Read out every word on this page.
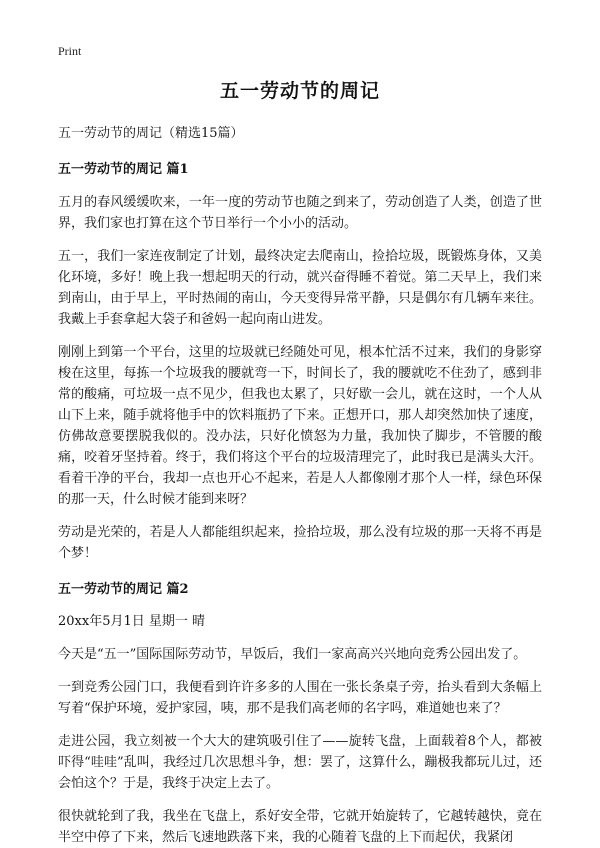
Print
五一劳动节的周记

五一劳动节的周记（精选15篇）

五一劳动节的周记 篇1

五月的春风缓缓吹来，一年一度的劳动节也随之到来了，劳动创造了人类，创造了世界，我们家也打算在这个节日举行一个小小的活动。

五一，我们一家连夜制定了计划，最终决定去爬南山，捡拾垃圾，既锻炼身体，又美化环境，多好！晚上我一想起明天的行动，就兴奋得睡不着觉。第二天早上，我们来到南山，由于早上，平时热闹的南山，今天变得异常平静，只是偶尔有几辆车来往。我戴上手套拿起大袋子和爸妈一起向南山进发。

刚刚上到第一个平台，这里的垃圾就已经随处可见，根本忙活不过来，我们的身影穿梭在这里，每拣一个垃圾我的腰就弯一下，时间长了，我的腰就吃不住劲了，感到非常的酸痛，可垃圾一点不见少，但我也太累了，只好歇一会儿，就在这时，一个人从山下上来，随手就将他手中的饮料瓶扔了下来。正想开口，那人却突然加快了速度，仿佛故意要摆脱我似的。没办法，只好化愤怒为力量，我加快了脚步，不管腰的酸痛，咬着牙坚持着。终于，我们将这个平台的垃圾清理完了，此时我已是满头大汗。看着干净的平台，我却一点也开心不起来，若是人人都像刚才那个人一样，绿色环保的那一天，什么时候才能到来呀？

劳动是光荣的，若是人人都能组织起来，捡拾垃圾，那么没有垃圾的那一天将不再是个梦！

五一劳动节的周记 篇2

20xx年5月1日 星期一 晴

今天是“五一”国际国际劳动节，早饭后，我们一家高高兴兴地向竞秀公园出发了。

一到竞秀公园门口，我便看到许许多多的人围在一张长条桌子旁，抬头看到大条幅上写着“保护环境，爱护家园，咦，那不是我们高老师的名字吗，难道她也来了？

走进公园，我立刻被一个大大的建筑吸引住了——旋转飞盘，上面载着8个人，都被吓得“哇哇”乱叫，我经过几次思想斗争，想：罢了，这算什么，蹦极我都玩儿过，还会怕这个？于是，我终于决定上去了。

很快就轮到了我，我坐在飞盘上，系好安全带，它就开始旋转了，它越转越快，竟在半空中停了下来，然后飞速地跌落下来，我的心随着飞盘的上下而起伏，我紧闭
